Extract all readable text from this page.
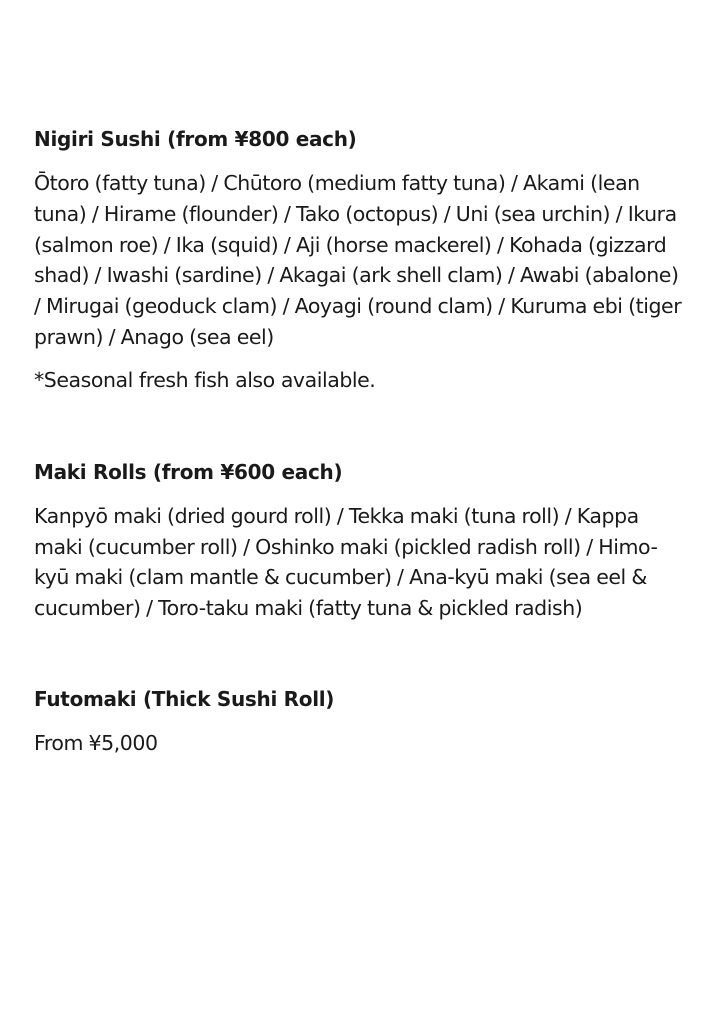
Nigiri Sushi (from ¥800 each)

Ōtoro (fatty tuna) / Chūtoro (medium fatty tuna) / Akami (lean tuna) / Hirame (flounder) / Tako (octopus) / Uni (sea urchin) / Ikura (salmon roe) / Ika (squid) / Aji (horse mackerel) / Kohada (gizzard shad) / Iwashi (sardine) / Akagai (ark shell clam) / Awabi (abalone) / Mirugai (geoduck clam) / Aoyagi (round clam) / Kuruma ebi (tiger prawn) / Anago (sea eel)

*Seasonal fresh fish also available.

Maki Rolls (from ¥600 each)

Kanpyō maki (dried gourd roll) / Tekka maki (tuna roll) / Kappa maki (cucumber roll) / Oshinko maki (pickled radish roll) / Himo-kyū maki (clam mantle & cucumber) / Ana-kyū maki (sea eel & cucumber) / Toro-taku maki (fatty tuna & pickled radish)

Futomaki (Thick Sushi Roll)

From ¥5,000
